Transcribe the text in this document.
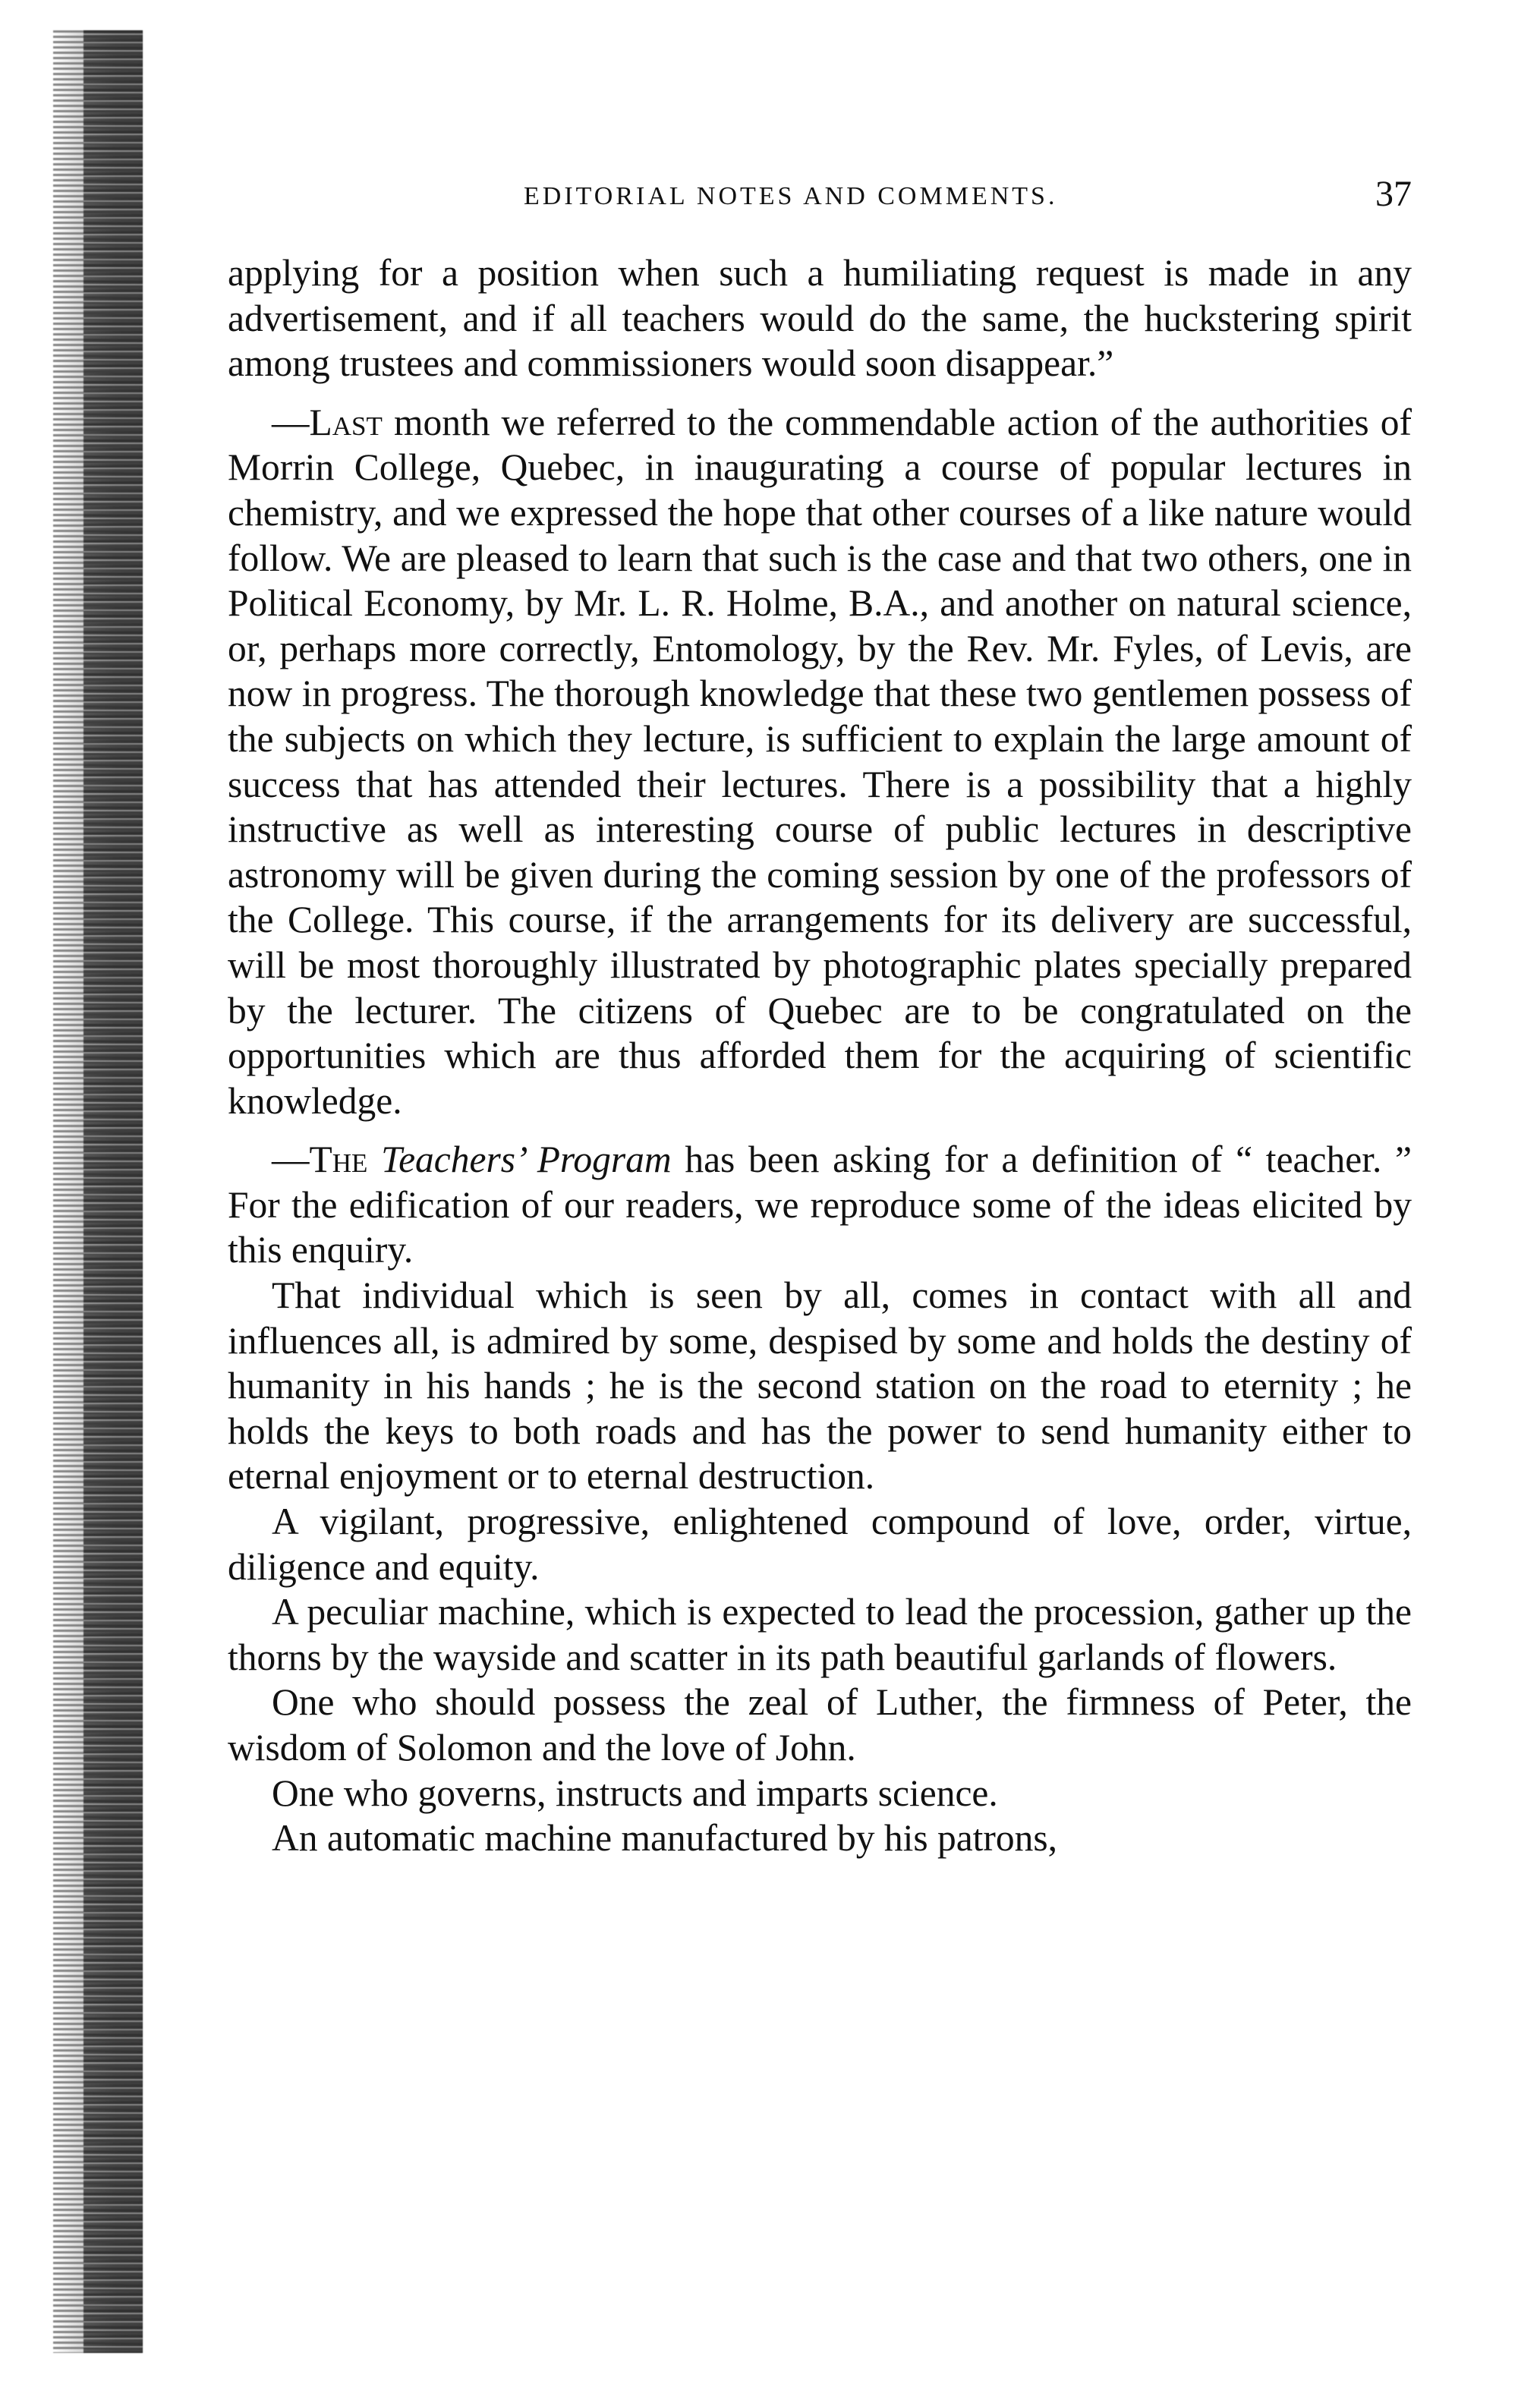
EDITORIAL NOTES AND COMMENTS.	37

applying for a position when such a humiliating request is made in any advertisement, and if all teachers would do the same, the huckstering spirit among trustees and commissioners would soon disappear.”

—Last month we referred to the commendable action of the authorities of Morrin College, Quebec, in inaugurating a course of popular lectures in chemistry, and we expressed the hope that other courses of a like nature would follow. We are pleased to learn that such is the case and that two others, one in Political Economy, by Mr. L. R. Holme, B.A., and another on natural science, or, perhaps more correctly, Entomology, by the Rev. Mr. Fyles, of Levis, are now in progress. The thorough knowledge that these two gentlemen possess of the subjects on which they lecture, is sufficient to explain the large amount of success that has attended their lectures. There is a possibility that a highly instructive as well as interesting course of public lectures in descriptive astronomy will be given during the coming session by one of the professors of the College. This course, if the arrangements for its delivery are successful, will be most thoroughly illustrated by photographic plates specially prepared by the lecturer. The citizens of Quebec are to be congratulated on the opportunities which are thus afforded them for the acquiring of scientific knowledge.

—The Teachers’ Program has been asking for a definition of “ teacher. ” For the edification of our readers, we reproduce some of the ideas elicited by this enquiry.

That individual which is seen by all, comes in contact with all and influences all, is admired by some, despised by some and holds the destiny of humanity in his hands ; he is the second station on the road to eternity ; he holds the keys to both roads and has the power to send humanity either to eternal enjoyment or to eternal destruction.

A vigilant, progressive, enlightened compound of love, order, virtue, diligence and equity.

A peculiar machine, which is expected to lead the procession, gather up the thorns by the wayside and scatter in its path beautiful garlands of flowers.

One who should possess the zeal of Luther, the firmness of Peter, the wisdom of Solomon and the love of John.

One who governs, instructs and imparts science.

An automatic machine manufactured by his patrons,
